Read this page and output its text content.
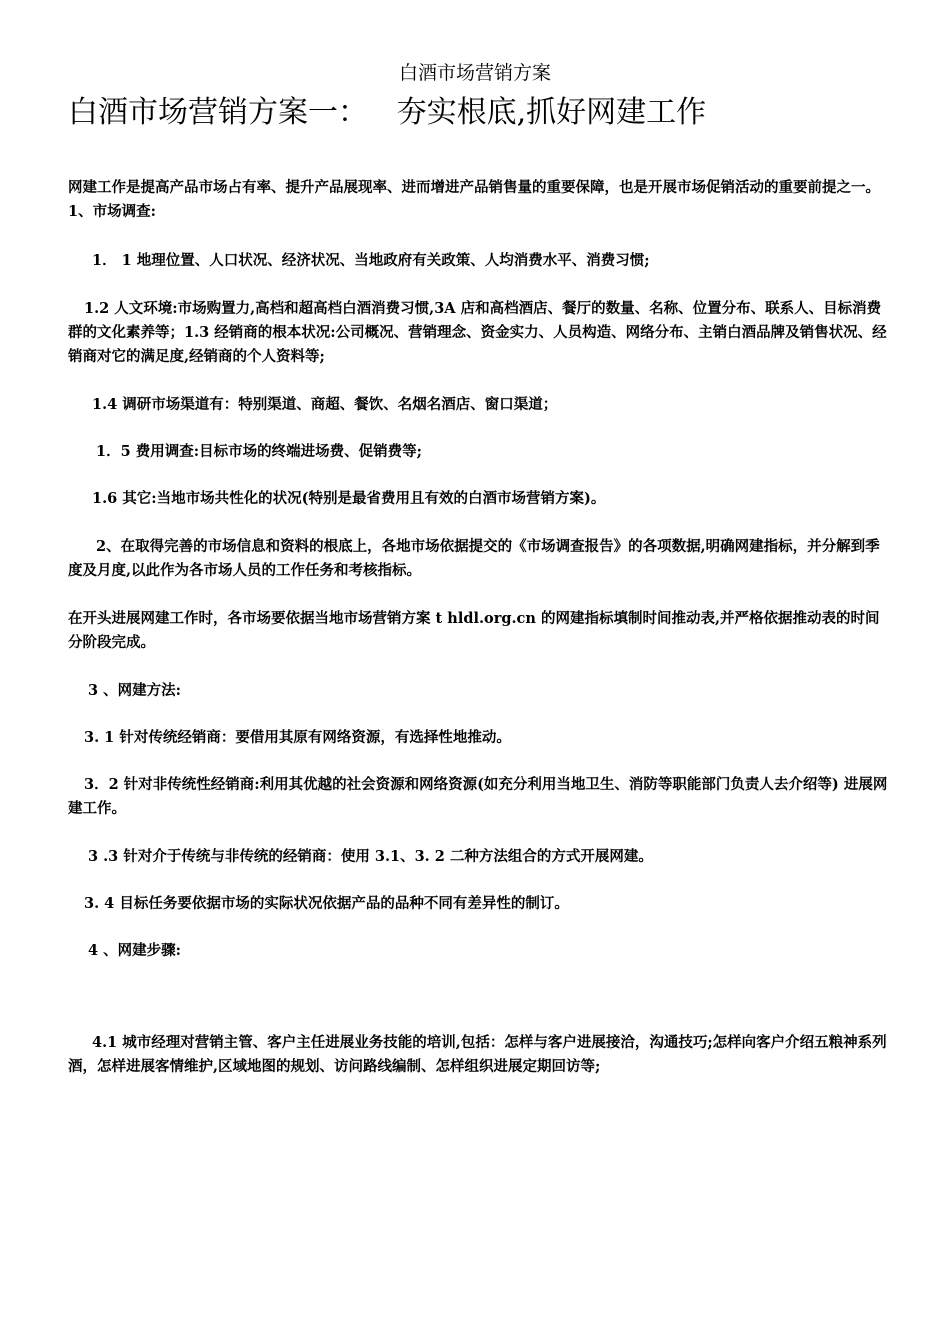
白酒市场营销方案
白酒市场营销方案一：   夯实根底,抓好网建工作
网建工作是提高产品市场占有率、提升产品展现率、进而增进产品销售量的重要保障，也是开展市场促销活动的重要前提之一。1、市场调查:
1． 1 地理位置、人口状况、经济状况、当地政府有关政策、人均消费水平、消费习惯;
1.2 人文环境:市场购置力,高档和超高档白酒消费习惯,3A 店和高档酒店、餐厅的数量、名称、位置分布、联系人、目标消费群的文化素养等；1.3 经销商的根本状况:公司概况、营销理念、资金实力、人员构造、网络分布、主销白酒品牌及销售状况、经销商对它的满足度,经销商的个人资料等;
1.4 调研市场渠道有：特别渠道、商超、餐饮、名烟名酒店、窗口渠道；
1．5 费用调查:目标市场的终端进场费、促销费等;
1.6 其它:当地市场共性化的状况(特别是最省费用且有效的白酒市场营销方案)。
2、在取得完善的市场信息和资料的根底上，各地市场依据提交的《市场调查报告》的各项数据,明确网建指标，并分解到季度及月度,以此作为各市场人员的工作任务和考核指标。
在开头进展网建工作时，各市场要依据当地市场营销方案 t hldl.org.cn 的网建指标填制时间推动表,并严格依据推动表的时间分阶段完成。
3 、网建方法:
3. 1 针对传统经销商：要借用其原有网络资源，有选择性地推动。
3．2 针对非传统性经销商:利用其优越的社会资源和网络资源(如充分利用当地卫生、消防等职能部门负责人去介绍等) 进展网建工作。
3 .3 针对介于传统与非传统的经销商：使用 3.1、3. 2 二种方法组合的方式开展网建。
3. 4 目标任务要依据市场的实际状况依据产品的品种不同有差异性的制订。
4 、网建步骤:
4.1 城市经理对营销主管、客户主任进展业务技能的培训,包括：怎样与客户进展接洽，沟通技巧;怎样向客户介绍五粮神系列酒，怎样进展客情维护,区域地图的规划、访问路线编制、怎样组织进展定期回访等;
